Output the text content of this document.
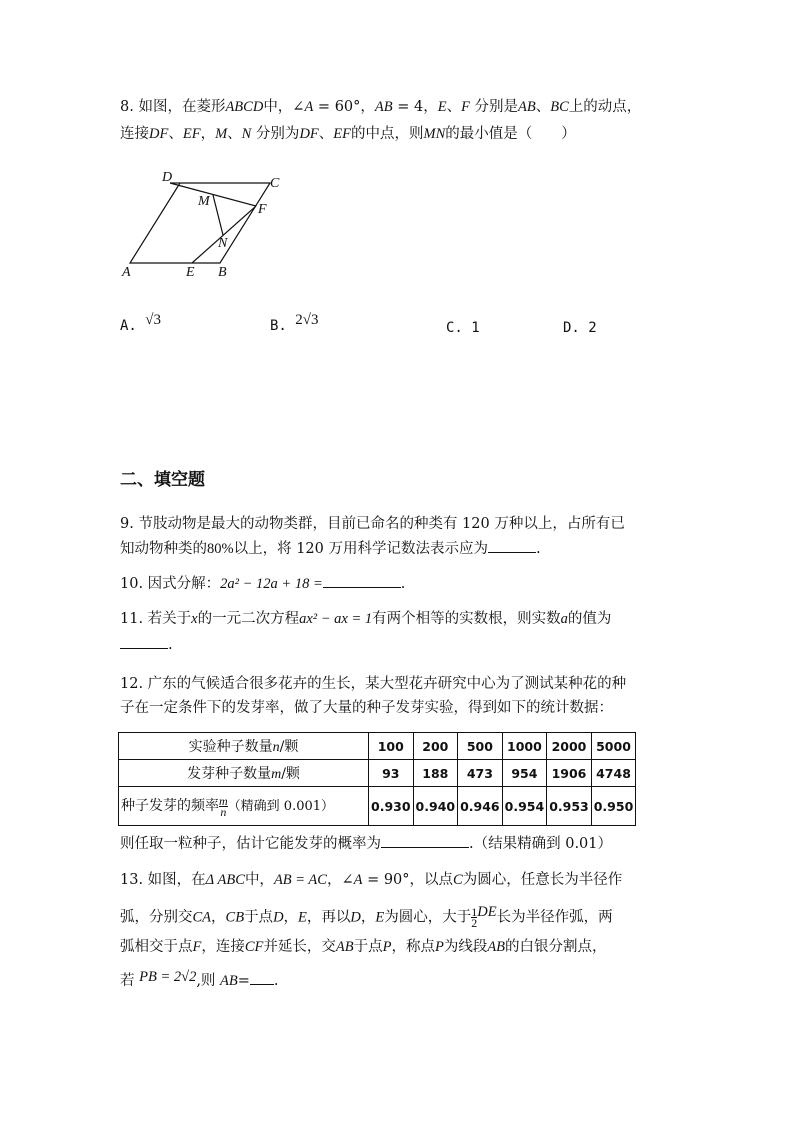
8. 如图，在菱形ABCD中，∠A = 60°，AB = 4，E、F 分别是AB、BC上的动点，
连接DF、EF，M、N 分别为DF、EF的中点，则MN的最小值是（　　）
D	C
M
F
N
A	E B
A. √3	B. 2√3	C. 1	D. 2
二、填空题
9. 节肢动物是最大的动物类群，目前已命名的种类有 120 万种以上，占所有已
知动物种类的80%以上，将 120 万用科学记数法表示应为	.
10. 因式分解：2a² − 12a + 18 =	.
11. 若关于x的一元二次方程ax² − ax = 1有两个相等的实数根，则实数a的值为
.
12. 广东的气候适合很多花卉的生长，某大型花卉研究中心为了测试某种花的种
子在一定条件下的发芽率，做了大量的种子发芽实验，得到如下的统计数据：
实验种子数量n/颗	100	200	500	1000	2000	5000
发芽种子数量m/颗	93	188	473	954	1906	4748
种子发芽的频率 $\frac{m}{n}$ （精确到 0.001）	0.930	0.940	0.946	0.954	0.953	0.950
则任取一粒种子，估计它能发芽的概率为	.（结果精确到 0.01）
13. 如图，在Δ ABC中，AB = AC，∠A = 90°，以点C为圆心，任意长为半径作
弧，分别交CA，CB于点D，E，再以D，E为圆心，大于 $\frac{1}{2}$ DE长为半径作弧，两
弧相交于点F，连接CF并延长，交AB于点P，称点P为线段AB的白银分割点，
若 PB = 2√2,则 AB= .
